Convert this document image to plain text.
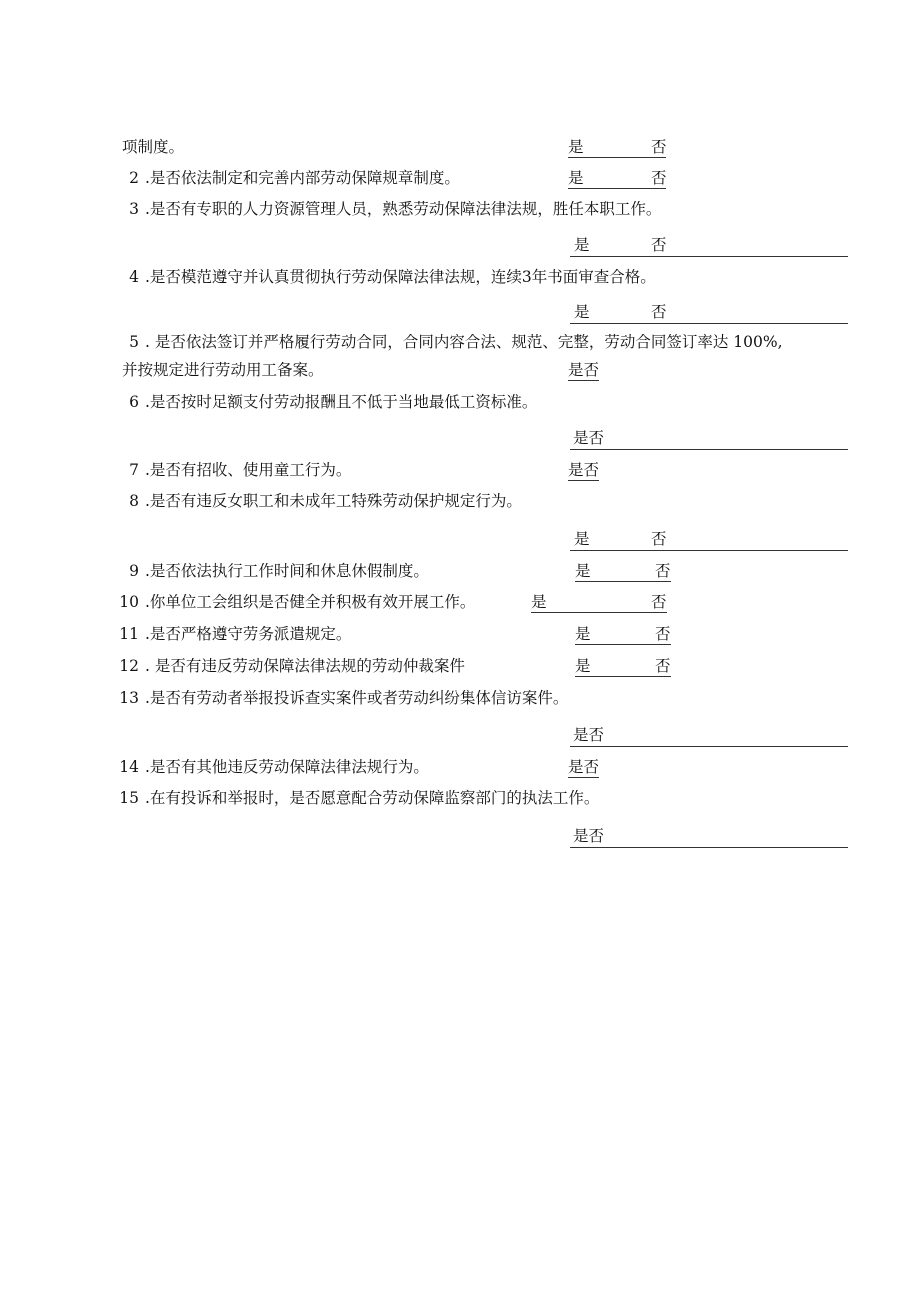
项制度。	是	否
2 .是否依法制定和完善内部劳动保障规章制度。	是	否
3 .是否有专职的人力资源管理人员，熟悉劳动保障法律法规，胜任本职工作。
是	否
4 .是否模范遵守并认真贯彻执行劳动保障法律法规，连续3年书面审查合格。
是	否
5 . 是否依法签订并严格履行劳动合同，合同内容合法、规范、完整，劳动合同签订率达 100%,
并按规定进行劳动用工备案。	是否
6 .是否按时足额支付劳动报酬且不低于当地最低工资标准。
是否
7 .是否有招收、使用童工行为。	是否
8 .是否有违反女职工和未成年工特殊劳动保护规定行为。
是	否
9 .是否依法执行工作时间和休息休假制度。	是	否
10 .你单位工会组织是否健全并积极有效开展工作。	是	否
11 .是否严格遵守劳务派遣规定。	是	否
12 . 是否有违反劳动保障法律法规的劳动仲裁案件	是	否
13 .是否有劳动者举报投诉查实案件或者劳动纠纷集体信访案件。
是否
14 .是否有其他违反劳动保障法律法规行为。	是否
15 .在有投诉和举报时，是否愿意配合劳动保障监察部门的执法工作。
是否
